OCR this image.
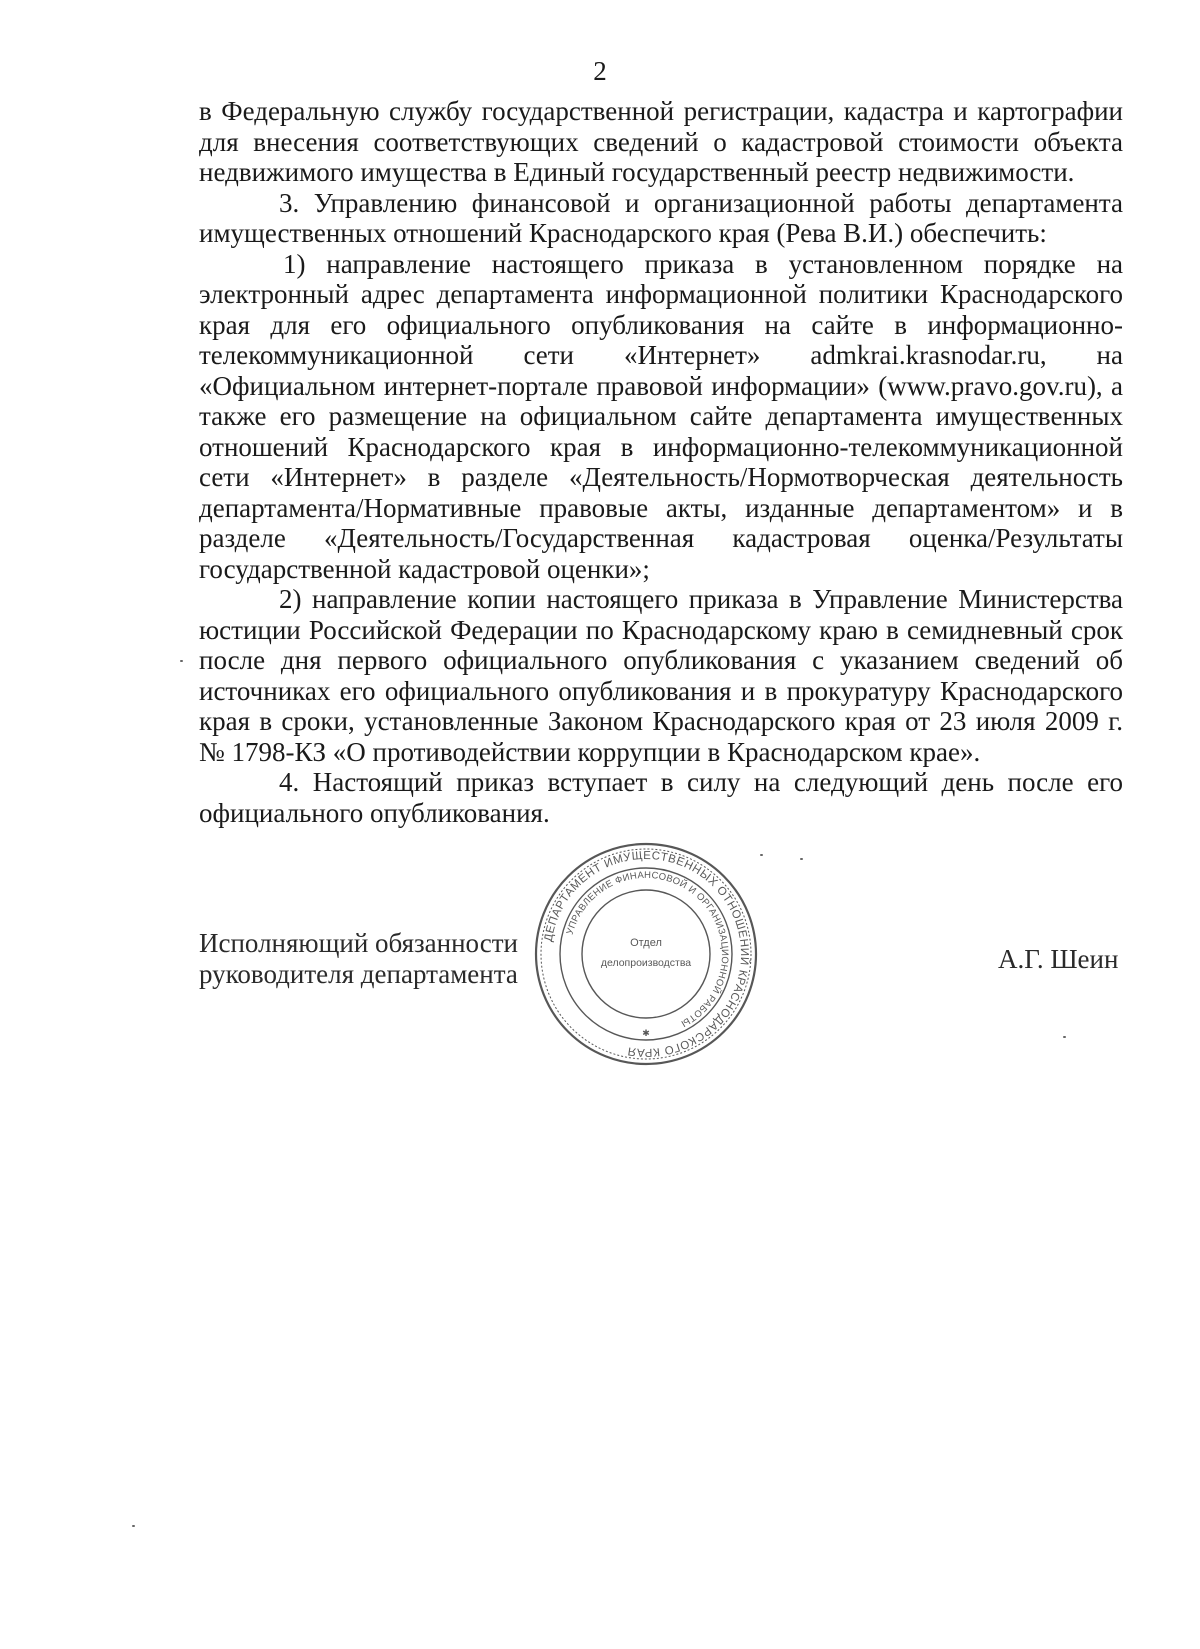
2

в Федеральную службу государственной регистрации, кадастра и картографии для внесения соответствующих сведений о кадастровой стоимости объекта недвижимого имущества в Единый государственный реестр недвижимости.

3. Управлению финансовой и организационной работы департамента имущественных отношений Краснодарского края (Рева В.И.) обеспечить:

1) направление настоящего приказа в установленном порядке на электронный адрес департамента информационной политики Краснодарского края для его официального опубликования на сайте в информационно-телекоммуникационной сети «Интернет» admkrai.krasnodar.ru, на «Официальном интернет-портале правовой информации» (www.pravo.gov.ru), а также его размещение на официальном сайте департамента имущественных отношений Краснодарского края в информационно-телекоммуникационной сети «Интернет» в разделе «Деятельность/Нормотворческая деятельность департамента/Нормативные правовые акты, изданные департаментом» и в разделе «Деятельность/Государственная кадастровая оценка/Результаты государственной кадастровой оценки»;

2) направление копии настоящего приказа в Управление Министерства юстиции Российской Федерации по Краснодарскому краю в семидневный срок после дня первого официального опубликования с указанием сведений об источниках его официального опубликования и в прокуратуру Краснодарского края в сроки, установленные Законом Краснодарского края от 23 июля 2009 г. № 1798-КЗ «О противодействии коррупции в Краснодарском крае».

4. Настоящий приказ вступает в силу на следующий день после его официального опубликования.

Исполняющий обязанности
руководителя департамента	А.Г. Шеин
ДЕПАРТАМЕНТ ИМУЩЕСТВЕННЫХ ОТНОШЕНИЙ КРАСНОДАРСКОГО КРАЯ
УПРАВЛЕНИЕ ФИНАНСОВОЙ И ОРГАНИЗАЦИОННОЙ РАБОТЫ
Отдел
делопроизводства
✱
